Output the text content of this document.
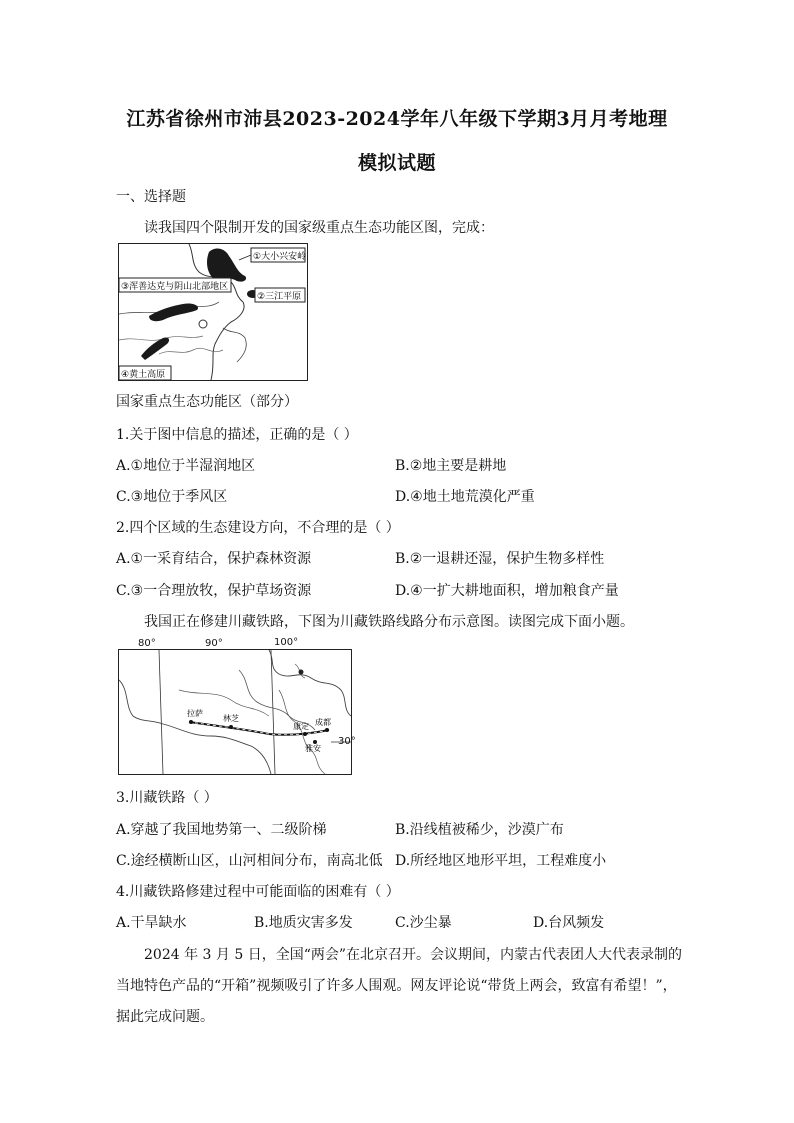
江苏省徐州市沛县2023-2024学年八年级下学期3月月考地理
模拟试题
一、选择题
读我国四个限制开发的国家级重点生态功能区图，完成：
①大小兴安岭
②三江平原
③浑善达克与阴山北部地区
④黄土高原
国家重点生态功能区（部分）
1.关于图中信息的描述，正确的是（ ）
A.①地位于半湿润地区	B.②地主要是耕地
C.③地位于季风区	D.④地土地荒漠化严重
2.四个区域的生态建设方向，不合理的是（ ）
A.①一采育结合，保护森林资源	B.②一退耕还湿，保护生物多样性
C.③一合理放牧，保护草场资源	D.④一扩大耕地面积，增加粮食产量
我国正在修建川藏铁路，下图为川藏铁路线路分布示意图。读图完成下面小题。
拉萨
林芝
康定 成都
雅安
80°	90°	100°
30°
3.川藏铁路（ ）
A.穿越了我国地势第一、二级阶梯	B.沿线植被稀少，沙漠广布
C.途经横断山区，山河相间分布，南高北低 D.所经地区地形平坦，工程难度小
4.川藏铁路修建过程中可能面临的困难有（ ）
A.干旱缺水	B.地质灾害多发	C.沙尘暴	D.台风频发
2024 年 3 月 5 日，全国“两会”在北京召开。会议期间，内蒙古代表团人大代表录制的
当地特色产品的“开箱”视频吸引了许多人围观。网友评论说“带货上两会，致富有希望！”，
据此完成问题。
